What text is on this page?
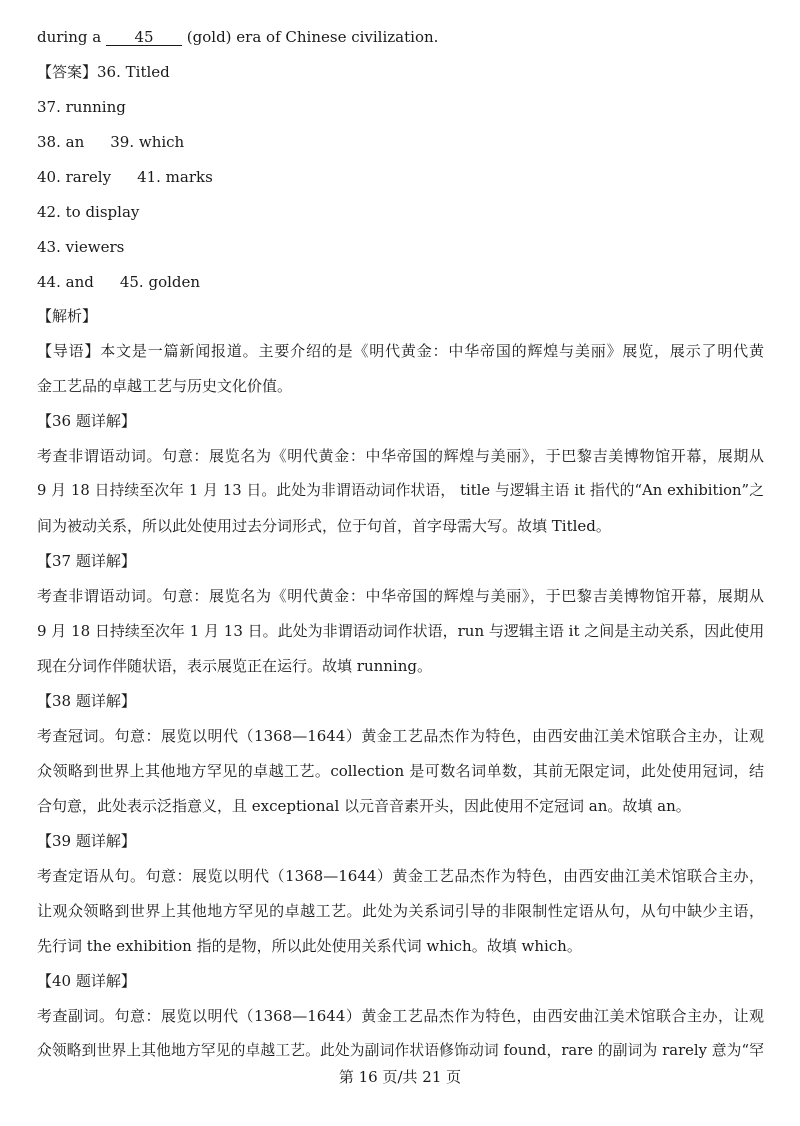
during a 45 (gold) era of Chinese civilization.
【答案】36. Titled
37. running
38. an 39. which
40. rarely 41. marks
42. to display
43. viewers
44. and 45. golden
【解析】
【导语】本文是一篇新闻报道。主要介绍的是《明代黄金：中华帝国的辉煌与美丽》展览，展示了明代黄
金工艺品的卓越工艺与历史文化价值。
【36 题详解】
考查非谓语动词。句意：展览名为《明代黄金：中华帝国的辉煌与美丽》，于巴黎吉美博物馆开幕，展期从
9 月 18 日持续至次年 1 月 13 日。此处为非谓语动词作状语， title 与逻辑主语 it 指代的“An exhibition”之
间为被动关系，所以此处使用过去分词形式，位于句首，首字母需大写。故填 Titled。
【37 题详解】
考查非谓语动词。句意：展览名为《明代黄金：中华帝国的辉煌与美丽》，于巴黎吉美博物馆开幕，展期从
9 月 18 日持续至次年 1 月 13 日。此处为非谓语动词作状语，run 与逻辑主语 it 之间是主动关系，因此使用
现在分词作伴随状语，表示展览正在运行。故填 running。
【38 题详解】
考查冠词。句意：展览以明代（1368—1644）黄金工艺品杰作为特色，由西安曲江美术馆联合主办，让观
众领略到世界上其他地方罕见的卓越工艺。collection 是可数名词单数，其前无限定词，此处使用冠词，结
合句意，此处表示泛指意义，且 exceptional 以元音音素开头，因此使用不定冠词 an。故填 an。
【39 题详解】
考查定语从句。句意：展览以明代（1368—1644）黄金工艺品杰作为特色，由西安曲江美术馆联合主办，
让观众领略到世界上其他地方罕见的卓越工艺。此处为关系词引导的非限制性定语从句，从句中缺少主语，
先行词 the exhibition 指的是物，所以此处使用关系代词 which。故填 which。
【40 题详解】
考查副词。句意：展览以明代（1368—1644）黄金工艺品杰作为特色，由西安曲江美术馆联合主办，让观
众领略到世界上其他地方罕见的卓越工艺。此处为副词作状语修饰动词 found，rare 的副词为 rarely 意为“罕
第 16 页/共 21 页
